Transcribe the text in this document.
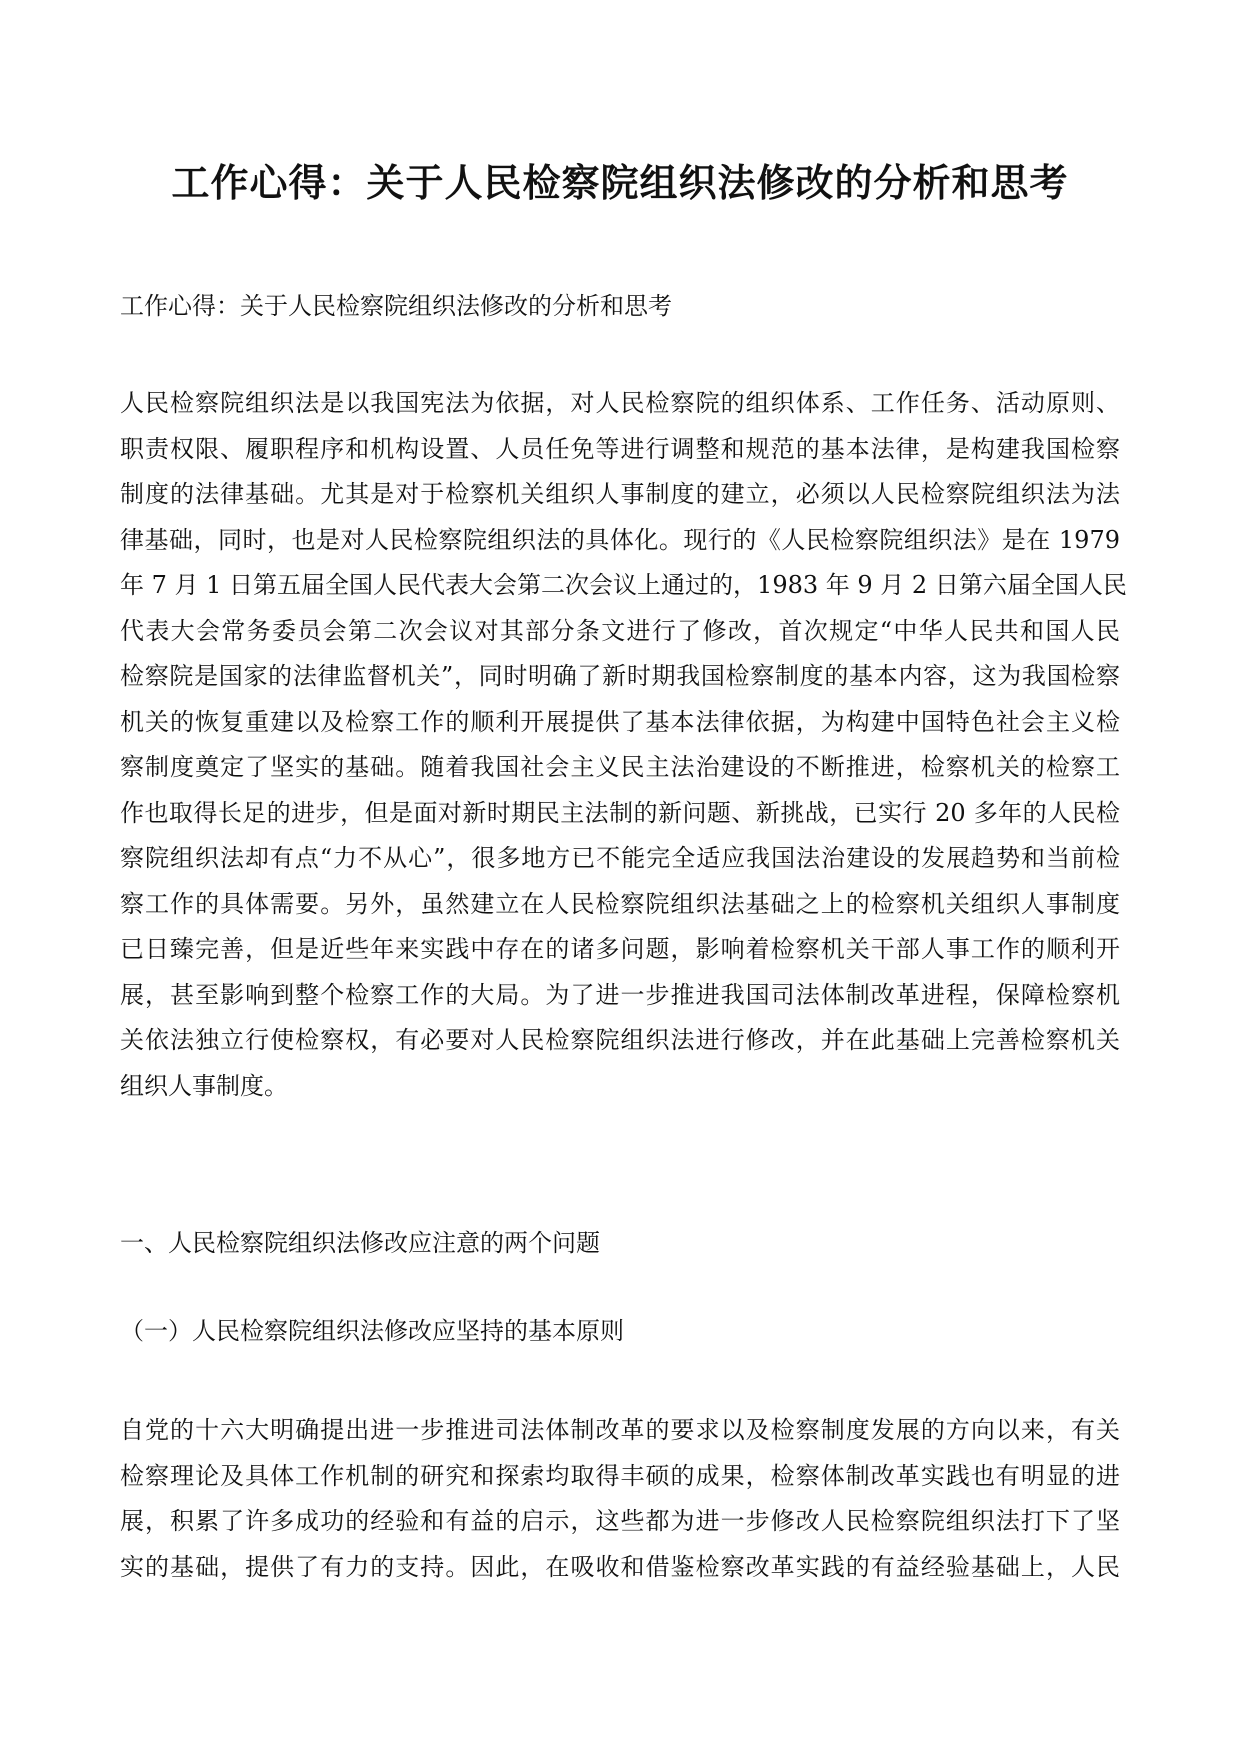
工作心得：关于人民检察院组织法修改的分析和思考

工作心得：关于人民检察院组织法修改的分析和思考

人民检察院组织法是以我国宪法为依据，对人民检察院的组织体系、工作任务、活动原则、
职责权限、履职程序和机构设置、人员任免等进行调整和规范的基本法律，是构建我国检察
制度的法律基础。尤其是对于检察机关组织人事制度的建立，必须以人民检察院组织法为法
律基础，同时，也是对人民检察院组织法的具体化。现行的《人民检察院组织法》是在 1979
年 7 月 1 日第五届全国人民代表大会第二次会议上通过的，1983 年 9 月 2 日第六届全国人民
代表大会常务委员会第二次会议对其部分条文进行了修改，首次规定“中华人民共和国人民
检察院是国家的法律监督机关”，同时明确了新时期我国检察制度的基本内容，这为我国检察
机关的恢复重建以及检察工作的顺利开展提供了基本法律依据，为构建中国特色社会主义检
察制度奠定了坚实的基础。随着我国社会主义民主法治建设的不断推进，检察机关的检察工
作也取得长足的进步，但是面对新时期民主法制的新问题、新挑战，已实行 20 多年的人民检
察院组织法却有点“力不从心”，很多地方已不能完全适应我国法治建设的发展趋势和当前检
察工作的具体需要。另外，虽然建立在人民检察院组织法基础之上的检察机关组织人事制度
已日臻完善，但是近些年来实践中存在的诸多问题，影响着检察机关干部人事工作的顺利开
展，甚至影响到整个检察工作的大局。为了进一步推进我国司法体制改革进程，保障检察机
关依法独立行使检察权，有必要对人民检察院组织法进行修改，并在此基础上完善检察机关
组织人事制度。
一、人民检察院组织法修改应注意的两个问题
（一）人民检察院组织法修改应坚持的基本原则
自党的十六大明确提出进一步推进司法体制改革的要求以及检察制度发展的方向以来，有关
检察理论及具体工作机制的研究和探索均取得丰硕的成果，检察体制改革实践也有明显的进
展，积累了许多成功的经验和有益的启示，这些都为进一步修改人民检察院组织法打下了坚
实的基础，提供了有力的支持。因此，在吸收和借鉴检察改革实践的有益经验基础上，人民
